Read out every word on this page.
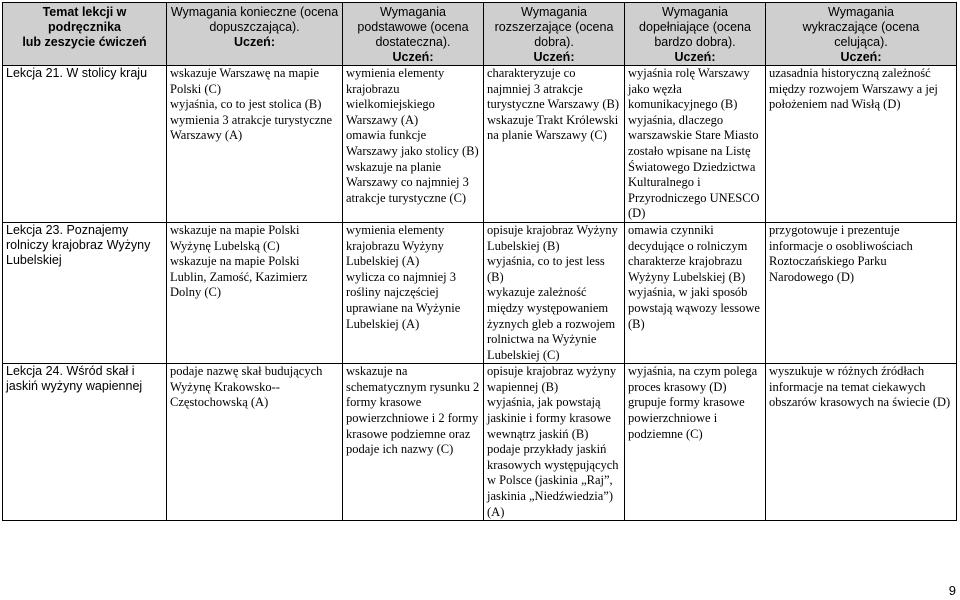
Temat lekcji w podręcznika
lub zeszycie ćwiczeń	Wymagania konieczne (ocena
dopuszczająca).
Uczeń:	Wymagania
podstawowe (ocena
dostateczna).
Uczeń:	Wymagania
rozszerzające (ocena
dobra).
Uczeń:	Wymagania
dopełniające (ocena
bardzo dobra).
Uczeń:	Wymagania
wykraczające (ocena
celująca).
Uczeń:

Lekcja 21. W stolicy kraju	wskazuje Warszawę na mapie Polski (C)
wyjaśnia, co to jest stolica (B)
wymienia 3 atrakcje turystyczne Warszawy (A)	wymienia elementy krajobrazu wielkomiejskiego Warszawy (A)
omawia funkcje Warszawy jako stolicy (B)
wskazuje na planie Warszawy co najmniej 3 atrakcje turystyczne (C)	charakteryzuje co najmniej 3 atrakcje turystyczne Warszawy (B)
wskazuje Trakt Królewski na planie Warszawy (C)	wyjaśnia rolę Warszawy jako węzła komunikacyjnego (B)
wyjaśnia, dlaczego warszawskie Stare Miasto zostało wpisane na Listę Światowego Dziedzictwa Kulturalnego i Przyrodniczego UNESCO (D)	uzasadnia historyczną zależność między rozwojem Warszawy a jej położeniem nad Wisłą (D)

Lekcja 23. Poznajemy rolniczy krajobraz Wyżyny Lubelskiej	wskazuje na mapie Polski Wyżynę Lubelską (C)
wskazuje na mapie Polski Lublin, Zamość, Kazimierz Dolny (C)	wymienia elementy krajobrazu Wyżyny Lubelskiej (A)
wylicza co najmniej 3 rośliny najczęściej uprawiane na Wyżynie Lubelskiej (A)	opisuje krajobraz Wyżyny Lubelskiej (B)
wyjaśnia, co to jest less (B)
wykazuje zależność między występowaniem żyznych gleb a rozwojem rolnictwa na Wyżynie Lubelskiej (C)	omawia czynniki decydujące o rolniczym charakterze krajobrazu Wyżyny Lubelskiej (B)
wyjaśnia, w jaki sposób powstają wąwozy lessowe (B)	przygotowuje i prezentuje informacje o osobliwościach Roztoczańskiego Parku Narodowego (D)

Lekcja 24. Wśród skał i jaskiń wyżyny wapiennej	podaje nazwę skał budujących Wyżynę Krakowsko--Częstochowską (A)	wskazuje na schematycznym rysunku 2 formy krasowe powierzchniowe i 2 formy krasowe podziemne oraz podaje ich nazwy (C)	opisuje krajobraz wyżyny wapiennej (B)
wyjaśnia, jak powstają jaskinie i formy krasowe wewnątrz jaskiń (B)
podaje przykłady jaskiń krasowych występujących w Polsce (jaskinia „Raj”, jaskinia „Niedźwiedzia”) (A)	wyjaśnia, na czym polega proces krasowy (D)
grupuje formy krasowe powierzchniowe i podziemne (C)	wyszukuje w różnych źródłach informacje na temat ciekawych obszarów krasowych na świecie (D)
9
